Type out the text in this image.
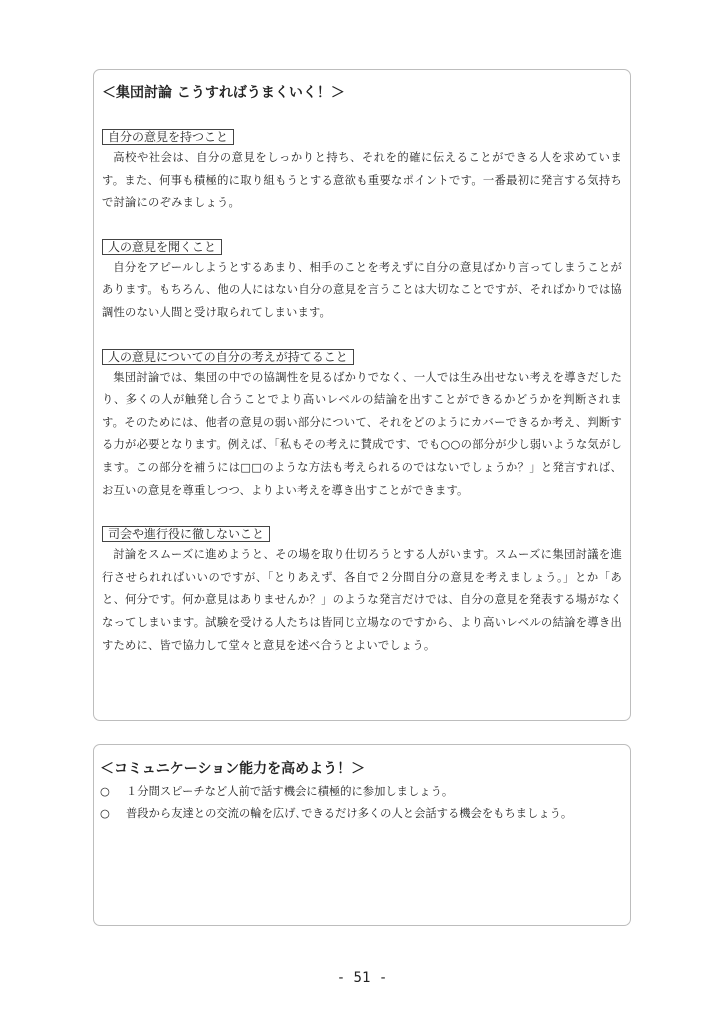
＜集団討論 こうすればうまくいく！＞
自分の意見を持つこと

高校や社会は、自分の意見をしっかりと持ち、それを的確に伝えることができる人を求めています。また、何事も積極的に取り組もうとする意欲も重要なポイントです。一番最初に発言する気持ちで討論にのぞみましょう。

人の意見を聞くこと

自分をアピールしようとするあまり、相手のことを考えずに自分の意見ばかり言ってしまうことがあります。もちろん、他の人にはない自分の意見を言うことは大切なことですが、それぱかりでは協調性のない人間と受け取られてしまいます。

人の意見についての自分の考えが持てること

集団討論では、集団の中での協調性を見るばかりでなく、一人では生み出せない考えを導きだしたり、多くの人が触発し合うことでより高いレベルの結論を出すことができるかどうかを判断されます。そのためには、他者の意見の弱い部分について、それをどのようにカバーできるか考え、判断する力が必要となります。例えば、「私もその考えに賛成です、でも○○の部分が少し弱いような気がします。この部分を補うには□□のような方法も考えられるのではないでしょうか？」と発言すれば、お互いの意見を尊重しつつ、よりよい考えを導き出すことができます。

司会や進行役に徹しないこと

討論をスムーズに進めようと、その場を取り仕切ろうとする人がいます。スムーズに集団討議を進行させられればいいのですが、「とりあえず、各自で２分間自分の意見を考えましょう。」とか「あと、何分です。何か意見はありませんか？」のような発言だけでは、自分の意見を発表する場がなくなってしまいます。試験を受ける人たちは皆同じ立場なのですから、より高いレベルの結論を導き出すために、皆で協力して堂々と意見を述べ合うとよいでしょう。

＜コミュニケーション能力を高めよう！＞
○	１分間スピーチなど人前で話す機会に積極的に参加しましょう。
○	普段から友達との交流の輪を広げ､できるだけ多くの人と会話する機会をもちましょう。
- 51 -
